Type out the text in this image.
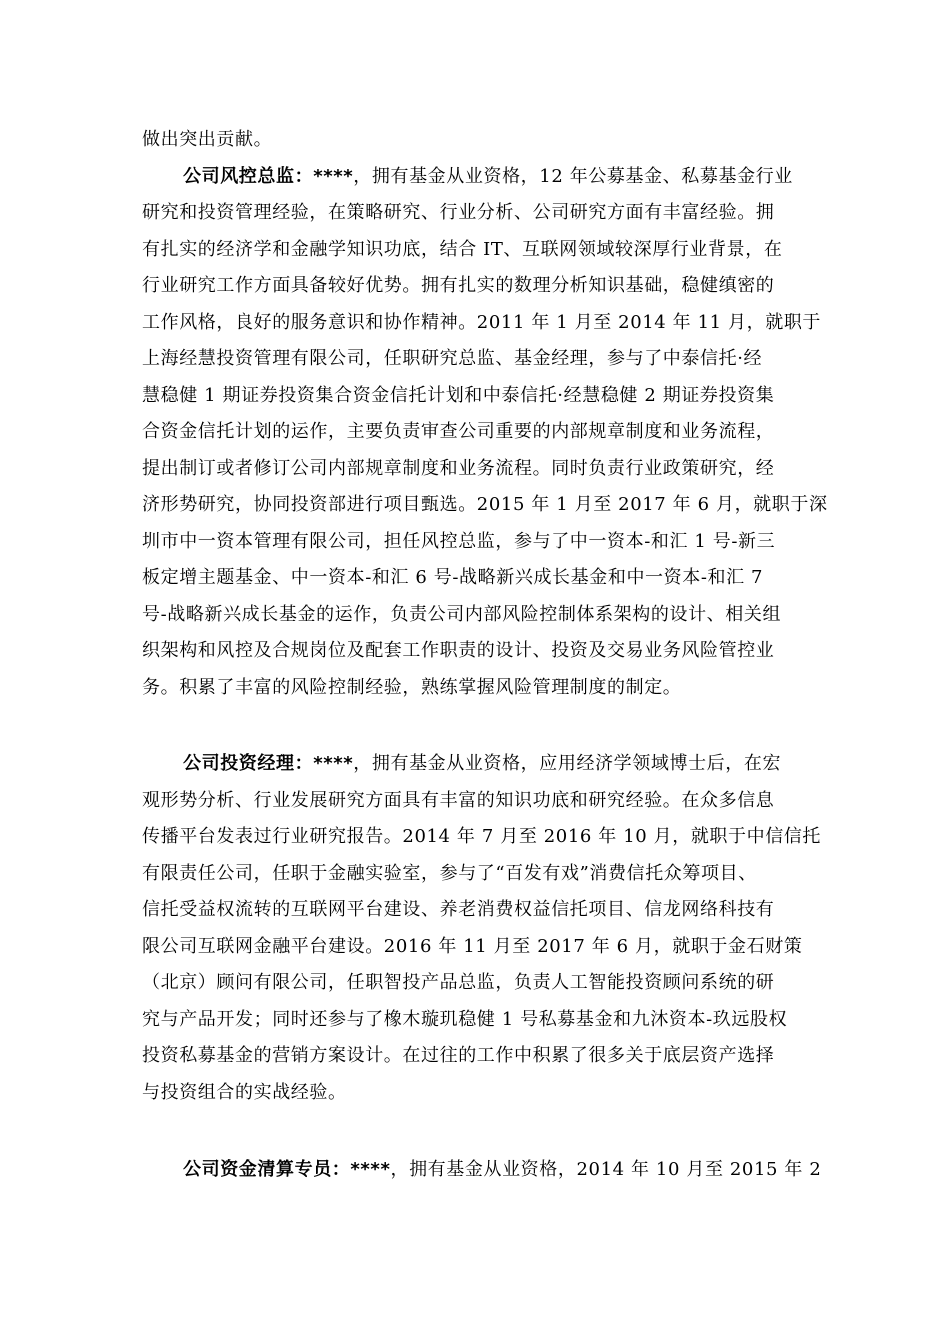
做出突出贡献。
公司风控总监：****，拥有基金从业资格，12 年公募基金、私募基金行业
研究和投资管理经验，在策略研究、行业分析、公司研究方面有丰富经验。拥
有扎实的经济学和金融学知识功底，结合 IT、互联网领域较深厚行业背景，在
行业研究工作方面具备较好优势。拥有扎实的数理分析知识基础，稳健缜密的
工作风格，良好的服务意识和协作精神。2011 年 1 月至 2014 年 11 月，就职于
上海经慧投资管理有限公司，任职研究总监、基金经理，参与了中泰信托·经
慧稳健 1 期证券投资集合资金信托计划和中泰信托·经慧稳健 2 期证券投资集
合资金信托计划的运作，主要负责审查公司重要的内部规章制度和业务流程，
提出制订或者修订公司内部规章制度和业务流程。同时负责行业政策研究，经
济形势研究，协同投资部进行项目甄选。2015 年 1 月至 2017 年 6 月，就职于深
圳市中一资本管理有限公司，担任风控总监，参与了中一资本-和汇 1 号-新三
板定增主题基金、中一资本-和汇 6 号-战略新兴成长基金和中一资本-和汇 7
号-战略新兴成长基金的运作，负责公司内部风险控制体系架构的设计、相关组
织架构和风控及合规岗位及配套工作职责的设计、投资及交易业务风险管控业
务。积累了丰富的风险控制经验，熟练掌握风险管理制度的制定。
公司投资经理：****，拥有基金从业资格，应用经济学领域博士后，在宏
观形势分析、行业发展研究方面具有丰富的知识功底和研究经验。在众多信息
传播平台发表过行业研究报告。2014 年 7 月至 2016 年 10 月，就职于中信信托
有限责任公司，任职于金融实验室，参与了“百发有戏”消费信托众筹项目、
信托受益权流转的互联网平台建设、养老消费权益信托项目、信龙网络科技有
限公司互联网金融平台建设。2016 年 11 月至 2017 年 6 月，就职于金石财策
（北京）顾问有限公司，任职智投产品总监，负责人工智能投资顾问系统的研
究与产品开发；同时还参与了橡木璇玑稳健 1 号私募基金和九沐资本-玖远股权
投资私募基金的营销方案设计。在过往的工作中积累了很多关于底层资产选择
与投资组合的实战经验。
公司资金清算专员：****，拥有基金从业资格，2014 年 10 月至 2015 年 2
